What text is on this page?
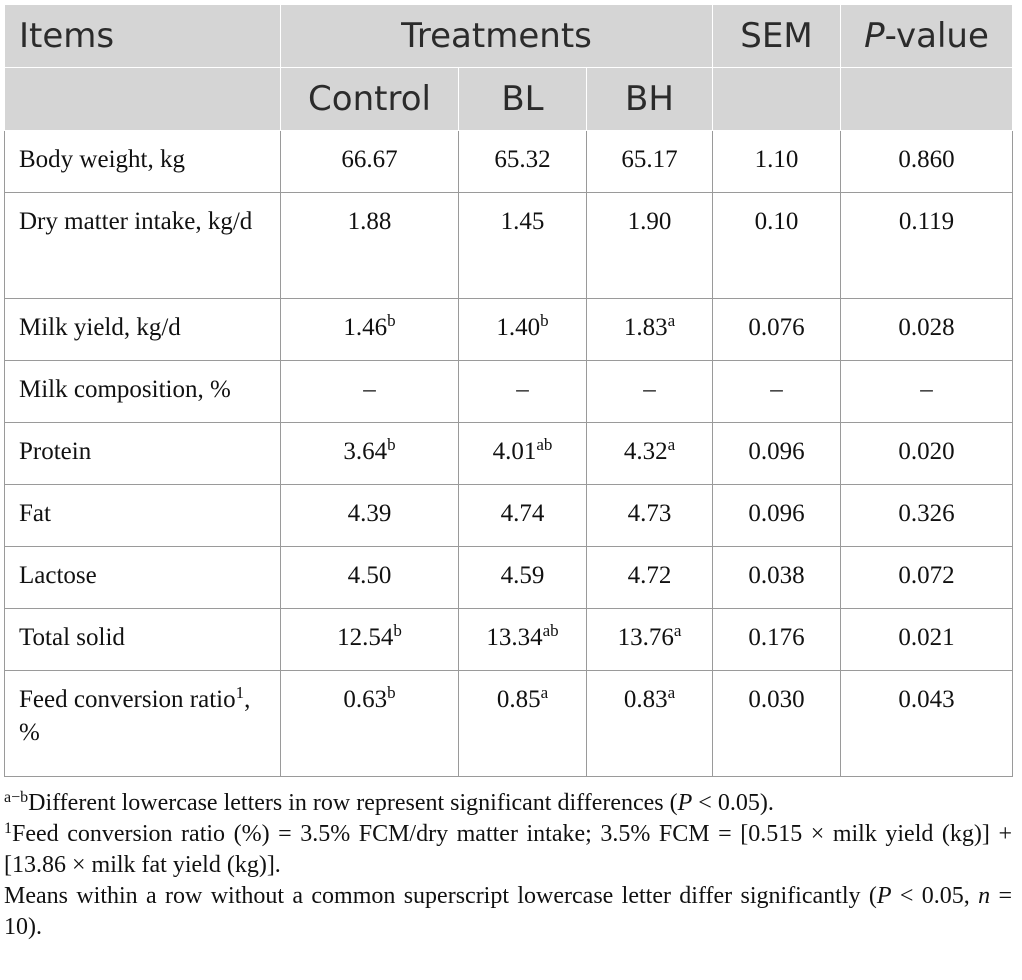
Items	Treatments			SEM	P-value
	Control	BL	BH		
Body weight, kg	66.67	65.32	65.17	1.10	0.860
Dry matter intake, kg/d	1.88	1.45	1.90	0.10	0.119
Milk yield, kg/d	1.46$^b$	1.40$^b$	1.83$^a$	0.076	0.028
Milk composition, %	–	–	–	–	–
Protein	3.64$^b$	4.01$^{ab}$	4.32$^a$	0.096	0.020
Fat	4.39	4.74	4.73	0.096	0.326
Lactose	4.50	4.59	4.72	0.038	0.072
Total solid	12.54$^b$	13.34$^{ab}$	13.76$^a$	0.176	0.021
Feed conversion ratio$^1$, %	0.63$^b$	0.85$^a$	0.83$^a$	0.030	0.043

$^{a-b}$Different lowercase letters in row represent significant differences (P < 0.05).

$^1$Feed conversion ratio (%) = 3.5% FCM/dry matter intake; 3.5% FCM = [0.515 × milk yield (kg)] + [13.86 × milk fat yield (kg)].

Means within a row without a common superscript lowercase letter differ significantly (P < 0.05, n = 10).
